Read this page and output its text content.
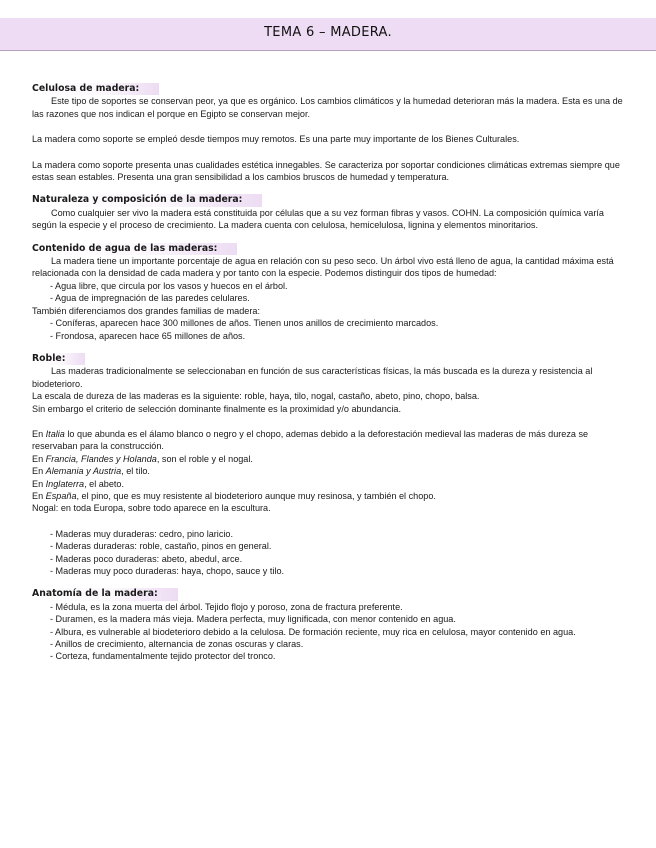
TEMA 6 – MADERA.
Celulosa de madera:

Este tipo de soportes se conservan peor, ya que es orgánico. Los cambios climáticos y la humedad deterioran más la madera. Esta es una de las razones que nos indican el porque en Egipto se conservan mejor.

La madera como soporte se empleó desde tiempos muy remotos. Es una parte muy importante de los Bienes Culturales.

La madera como soporte presenta unas cualidades estética innegables. Se caracteriza por soportar condiciones climáticas extremas siempre que estas sean estables. Presenta una gran sensibilidad a los cambios bruscos de humedad y temperatura.

Naturaleza y composición de la madera:

Como cualquier ser vivo la madera está constituida por células que a su vez forman fibras y vasos. COHN. La composición química varía según la especie y el proceso de crecimiento. La madera cuenta con celulosa, hemicelulosa, lignina y elementos minoritarios.

Contenido de agua de las maderas:

La madera tiene un importante porcentaje de agua en relación con su peso seco. Un árbol vivo está lleno de agua, la cantidad máxima está relacionada con la densidad de cada madera y por tanto con la especie. Podemos distinguir dos tipos de humedad:

- Agua libre, que circula por los vasos y huecos en el árbol.

- Agua de impregnación de las paredes celulares.

También diferenciamos dos grandes familias de madera:

- Coníferas, aparecen hace 300 millones de años. Tienen unos anillos de crecimiento marcados.

- Frondosa, aparecen hace 65 millones de años.

Roble:

Las maderas tradicionalmente se seleccionaban en función de sus características físicas, la más buscada es la dureza y resistencia al biodeterioro.

La escala de dureza de las maderas es la siguiente: roble, haya, tilo, nogal, castaño, abeto, pino, chopo, balsa.

Sin embargo el criterio de selección dominante finalmente es la proximidad y/o abundancia.

En Italia lo que abunda es el álamo blanco o negro y el chopo, ademas debido a la deforestación medieval las maderas de más dureza se reservaban para la construcción.

En Francia, Flandes y Holanda, son el roble y el nogal.

En Alemania y Austria, el tilo.

En Inglaterra, el abeto.

En España, el pino, que es muy resistente al biodeterioro aunque muy resinosa, y también el chopo.

Nogal: en toda Europa, sobre todo aparece en la escultura.

- Maderas muy duraderas: cedro, pino laricio.

- Maderas duraderas: roble, castaño, pinos en general.

- Maderas poco duraderas: abeto, abedul, arce.

- Maderas muy poco duraderas: haya, chopo, sauce y tilo.

Anatomía de la madera:

- Médula, es la zona muerta del árbol. Tejido flojo y poroso, zona de fractura preferente.

- Duramen, es la madera más vieja. Madera perfecta, muy lignificada, con menor contenido en agua.

- Albura, es vulnerable al biodeterioro debido a la celulosa. De formación reciente, muy rica en celulosa, mayor contenido en agua.

- Anillos de crecimiento, alternancia de zonas oscuras y claras.

- Corteza, fundamentalmente tejido protector del tronco.
